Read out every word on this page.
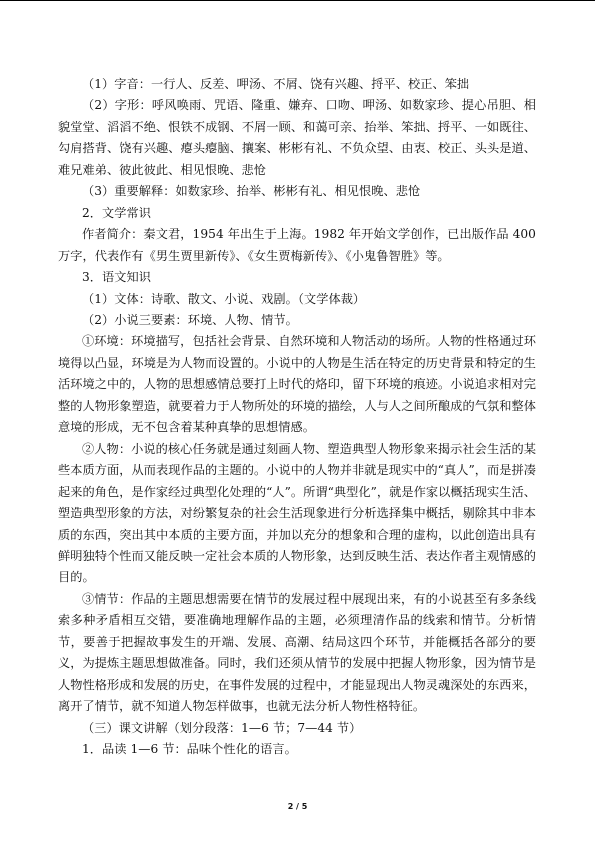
（1）字音：一行人、反差、呷汤、不屑、饶有兴趣、捋平、校正、笨拙

（2）字形：呼风唤雨、咒语、隆重、嫌弃、口吻、呷汤、如数家珍、提心吊胆、相貌堂堂、滔滔不绝、恨铁不成钢、不屑一顾、和蔼可亲、抬举、笨拙、捋平、一如既往、勾肩搭背、饶有兴趣、瘪头瘪脑、攘案、彬彬有礼、不负众望、由衷、校正、头头是道、难兄难弟、彼此彼此、相见恨晚、悲怆

（3）重要解释：如数家珍、抬举、彬彬有礼、相见恨晚、悲怆

2．文学常识

作者简介：秦文君，1954 年出生于上海。1982 年开始文学创作，已出版作品 400 万字，代表作有《男生贾里新传》、《女生贾梅新传》、《小鬼鲁智胜》等。

3．语文知识

（1）文体：诗歌、散文、小说、戏剧。（文学体裁）

（2）小说三要素：环境、人物、情节。

①环境：环境描写，包括社会背景、自然环境和人物活动的场所。人物的性格通过环境得以凸显，环境是为人物而设置的。小说中的人物是生活在特定的历史背景和特定的生活环境之中的，人物的思想感情总要打上时代的烙印，留下环境的痕迹。小说追求相对完整的人物形象塑造，就要着力于人物所处的环境的描绘，人与人之间所酿成的气氛和整体意境的形成，无不包含着某种真挚的思想情感。

②人物：小说的核心任务就是通过刻画人物、塑造典型人物形象来揭示社会生活的某些本质方面，从而表现作品的主题的。小说中的人物并非就是现实中的“真人”，而是拼凑起来的角色，是作家经过典型化处理的“人”。所谓“典型化”，就是作家以概括现实生活、塑造典型形象的方法，对纷繁复杂的社会生活现象进行分析选择集中概括，剔除其中非本质的东西，突出其中本质的主要方面，并加以充分的想象和合理的虚构，以此创造出具有鲜明独特个性而又能反映一定社会本质的人物形象，达到反映生活、表达作者主观情感的目的。

③情节：作品的主题思想需要在情节的发展过程中展现出来，有的小说甚至有多条线索多种矛盾相互交错，要准确地理解作品的主题，必须理清作品的线索和情节。分析情节，要善于把握故事发生的开端、发展、高潮、结局这四个环节，并能概括各部分的要义，为提炼主题思想做准备。同时，我们还须从情节的发展中把握人物形象，因为情节是人物性格形成和发展的历史，在事件发展的过程中，才能显现出人物灵魂深处的东西来，离开了情节，就不知道人物怎样做事，也就无法分析人物性格特征。

（三）课文讲解（划分段落：1—6 节；7—44 节）

1．品读 1—6 节：品味个性化的语言。

2 / 5
